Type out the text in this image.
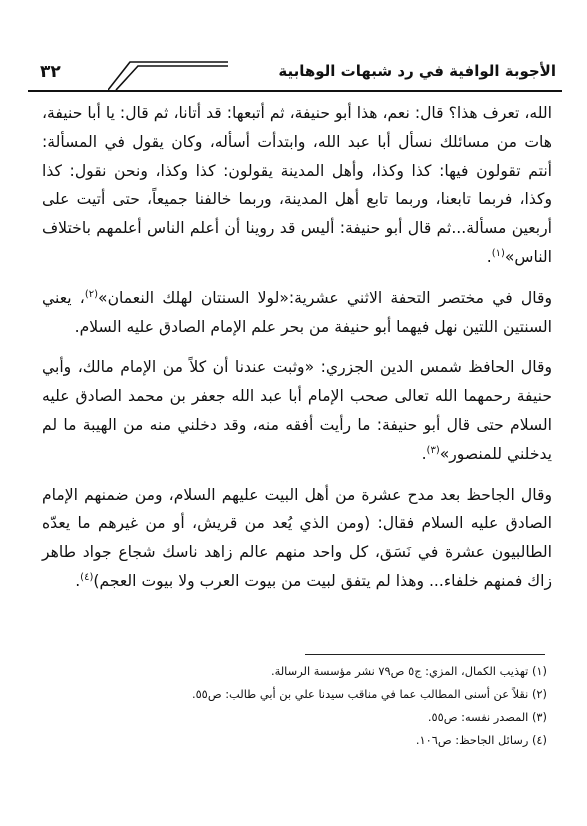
٣٢	الأجوبة الوافية في رد شبهات الوهابية

الله، تعرف هذا؟ قال: نعم، هذا أبو حنيفة، ثم أتبعها: قد أتانا، ثم قال: يا أبا حنيفة، هات من مسائلك نسأل أبا عبد الله، وابتدأت أسأله، وكان يقول في المسألة: أنتم تقولون فيها: كذا وكذا، وأهل المدينة يقولون: كذا وكذا، ونحن نقول: كذا وكذا، فربما تابعنا، وربما تابع أهل المدينة، وربما خالفنا جميعاً، حتى أتيت على أربعين مسألة...ثم قال أبو حنيفة: أليس قد روينا أن أعلم الناس أعلمهم باختلاف الناس»$^{(١)}$.

وقال في مختصر التحفة الاثني عشرية:«لولا السنتان لهلك النعمان»$^{(٢)}$، يعني السنتين اللتين نهل فيهما أبو حنيفة من بحر علم الإمام الصادق عليه السلام.

وقال الحافظ شمس الدين الجزري: «وثبت عندنا أن كلاً من الإمام مالك، وأبي حنيفة رحمهما الله تعالى صحب الإمام أبا عبد الله جعفر بن محمد الصادق عليه السلام حتى قال أبو حنيفة: ما رأيت أفقه منه، وقد دخلني منه من الهيبة ما لم يدخلني للمنصور»$^{(٣)}$.

وقال الجاحظ بعد مدح عشرة من أهل البيت عليهم السلام، ومن ضمنهم الإمام الصادق عليه السلام فقال: (ومن الذي يُعد من قريش، أو من غيرهم ما يعدّه الطالبيون عشرة في نَسَق، كل واحد منهم عالم زاهد ناسك شجاع جواد طاهر زاك فمنهم خلفاء... وهذا لم يتفق لبيت من بيوت العرب ولا بيوت العجم)$^{(٤)}$.

(١) تهذيب الكمال، المزي: ج٥ ص٧٩ نشر مؤسسة الرسالة.
(٢) نقلاً عن أسنى المطالب عما في مناقب سيدنا علي بن أبي طالب: ص٥٥.
(٣) المصدر نفسه: ص٥٥.
(٤) رسائل الجاحظ: ص١٠٦.
